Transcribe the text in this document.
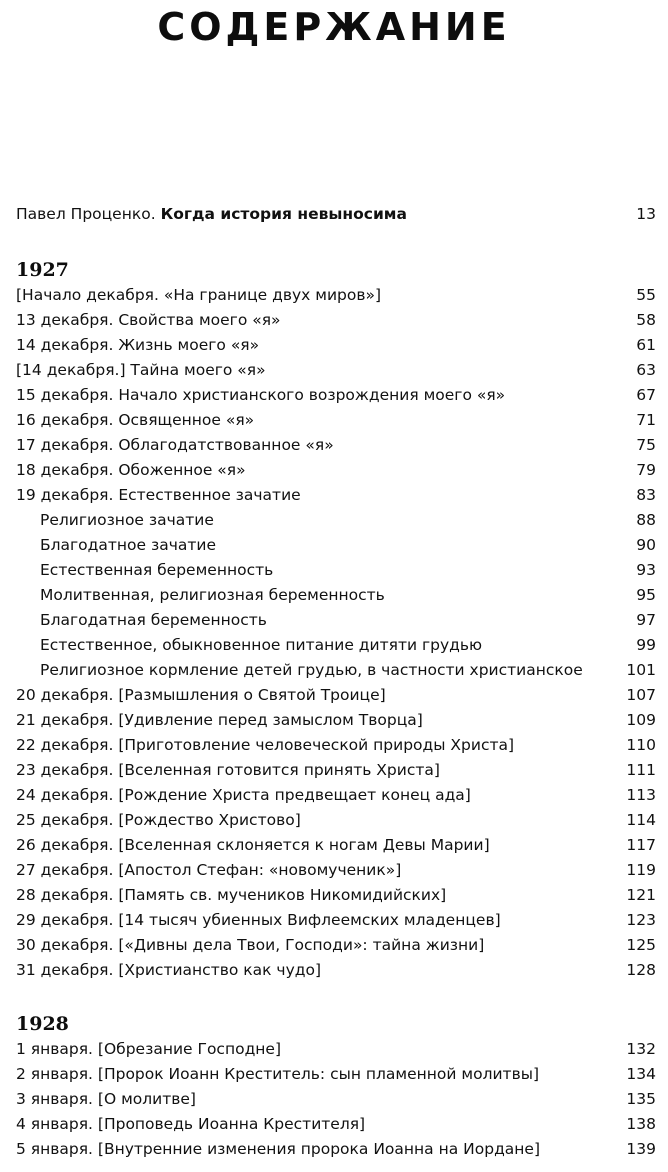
СОДЕРЖАНИЕ
Павел Проценко. Когда история невыносима	13
1927
[Начало декабря. «На границе двух миров»]	55
13 декабря. Свойства моего «я»	58
14 декабря. Жизнь моего «я»	61
[14 декабря.] Тайна моего «я»	63
15 декабря. Начало христианского возрождения моего «я»	67
16 декабря. Освященное «я»	71
17 декабря. Облагодатствованное «я»	75
18 декабря. Обоженное «я»	79
19 декабря. Естественное зачатие	83
Религиозное зачатие	88
Благодатное зачатие	90
Естественная беременность	93
Молитвенная, религиозная беременность	95
Благодатная беременность	97
Естественное, обыкновенное питание дитяти грудью	99
Религиозное кормление детей грудью, в частности христианское	101
20 декабря. [Размышления о Святой Троице]	107
21 декабря. [Удивление перед замыслом Творца]	109
22 декабря. [Приготовление человеческой природы Христа]	110
23 декабря. [Вселенная готовится принять Христа]	111
24 декабря. [Рождение Христа предвещает конец ада]	113
25 декабря. [Рождество Христово]	114
26 декабря. [Вселенная склоняется к ногам Девы Марии]	117
27 декабря. [Апостол Стефан: «новомученик»]	119
28 декабря. [Память св. мучеников Никомидийских]	121
29 декабря. [14 тысяч убиенных Вифлеемских младенцев]	123
30 декабря. [«Дивны дела Твои, Господи»: тайна жизни]	125
31 декабря. [Христианство как чудо]	128
1928
1 января. [Обрезание Господне]	132
2 января. [Пророк Иоанн Креститель: сын пламенной молитвы]	134
3 января. [О молитве]	135
4 января. [Проповедь Иоанна Крестителя]	138
5 января. [Внутренние изменения пророка Иоанна на Иордане]	139
